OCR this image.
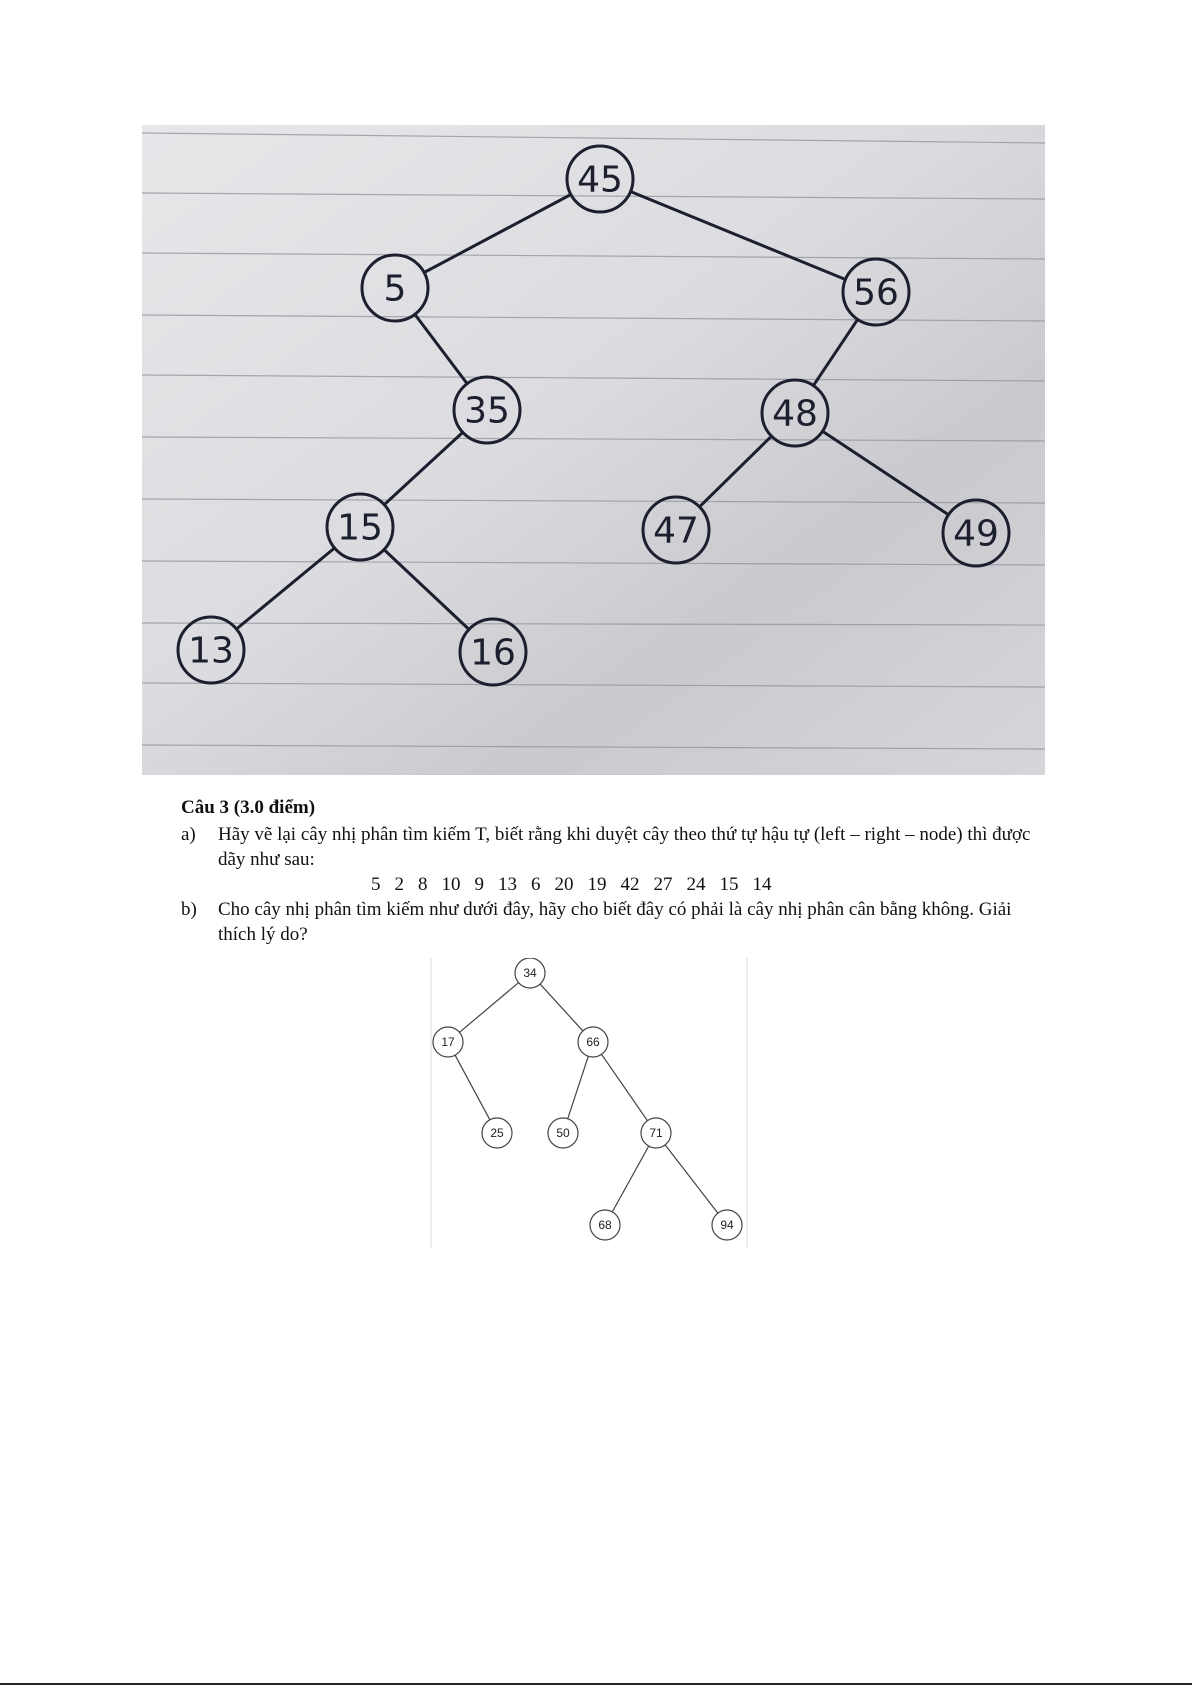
45
5	56
35	48
15	47	49
13	16

Câu 3 (3.0 điểm)

a) Hãy vẽ lại cây nhị phân tìm kiếm T, biết rằng khi duyệt cây theo thứ tự hậu tự (left – right – node) thì được dãy như sau:

5 2 8 10 9 13 6 20 19 42 27 24 15 14

b) Cho cây nhị phân tìm kiếm như dưới đây, hãy cho biết đây có phải là cây nhị phân cân bằng không. Giải thích lý do?

34
17	66
25	50	71
68	94
